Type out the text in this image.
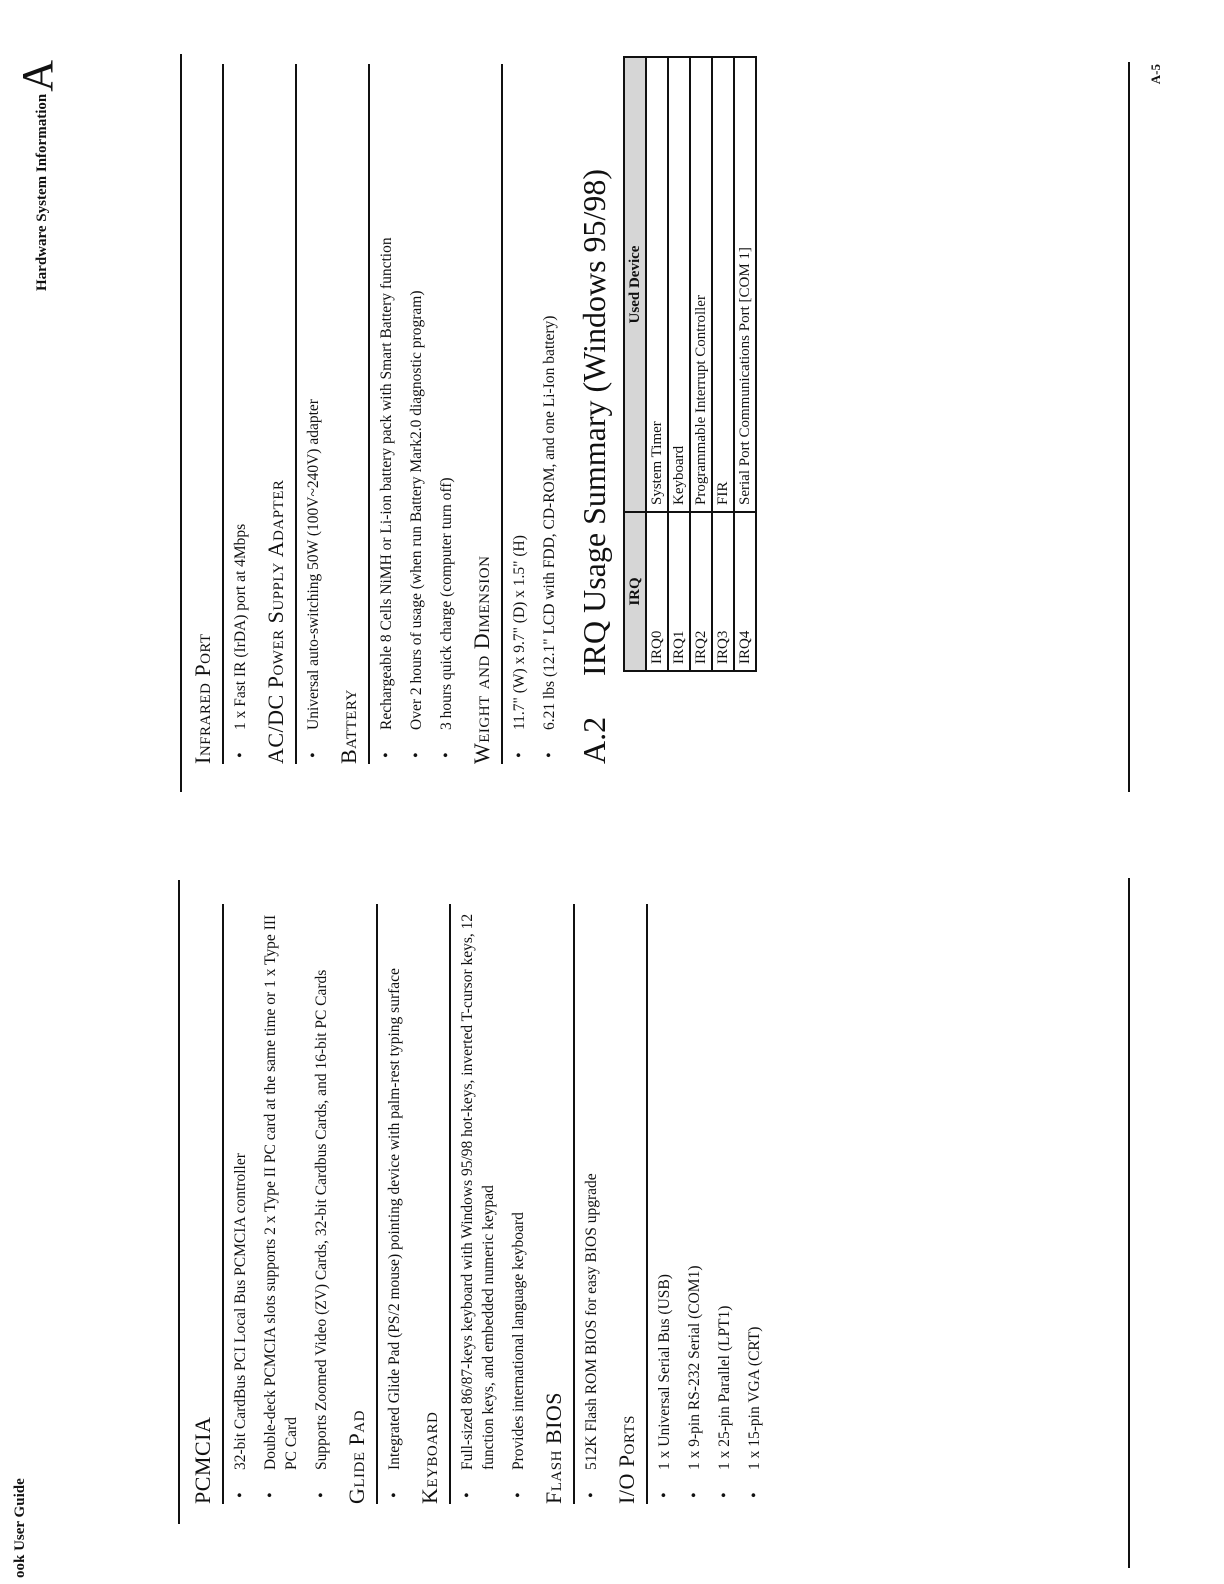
ook User Guide
PCMCIA	• 32-bit CardBus PCI Local Bus PCMCIA controller • Double-deck PCMCIA slots supports 2 x Type II PC card at the same time or 1 x Type III PC Card • Supports Zoomed Video (ZV) Cards, 32-bit Cardbus Cards, and 16-bit PC Cards Glide Pad	• Integrated Glide Pad (PS/2 mouse) pointing device with palm-rest typing surface Keyboard	• Full-sized 86/87-keys keyboard with Windows 95/98 hot-keys, inverted T-cursor keys, 12 function keys, and embedded numeric keypad • Provides international language keyboard Flash BIOS	• 512K Flash ROM BIOS for easy BIOS upgrade I/O Ports	• 1 x Universal Serial Bus (USB) • 1 x 9-pin RS-232 Serial (COM1) • 1 x 25-pin Parallel (LPT1) • 1 x 15-pin VGA (CRT)
Hardware System InformationA
Infrared Port	• 1 x Fast IR (IrDA) port at 4Mbps AC/DC Power Supply Adapter	• Universal auto-switching 50W (100V~240V) adapter Battery	• Rechargeable 8 Cells NiMH or Li-ion battery pack with Smart Battery function • Over 2 hours of usage (when run Battery Mark2.0 diagnostic program) • 3 hours quick charge (computer turn off) Weight and Dimension	• 11.7" (W) x 9.7" (D) x 1.5" (H) • 6.21 lbs (12.1" LCD with FDD, CD-ROM, and one Li-Ion battery)
A.2
IRQ Usage Summary (Windows 95/98) IRQ	Used Device
IRQ0	System Timer
IRQ1	Keyboard
IRQ2	Programmable Interrupt Controller
IRQ3	FIR
IRQ4	Serial Port Communications Port [COM 1]
A-5
